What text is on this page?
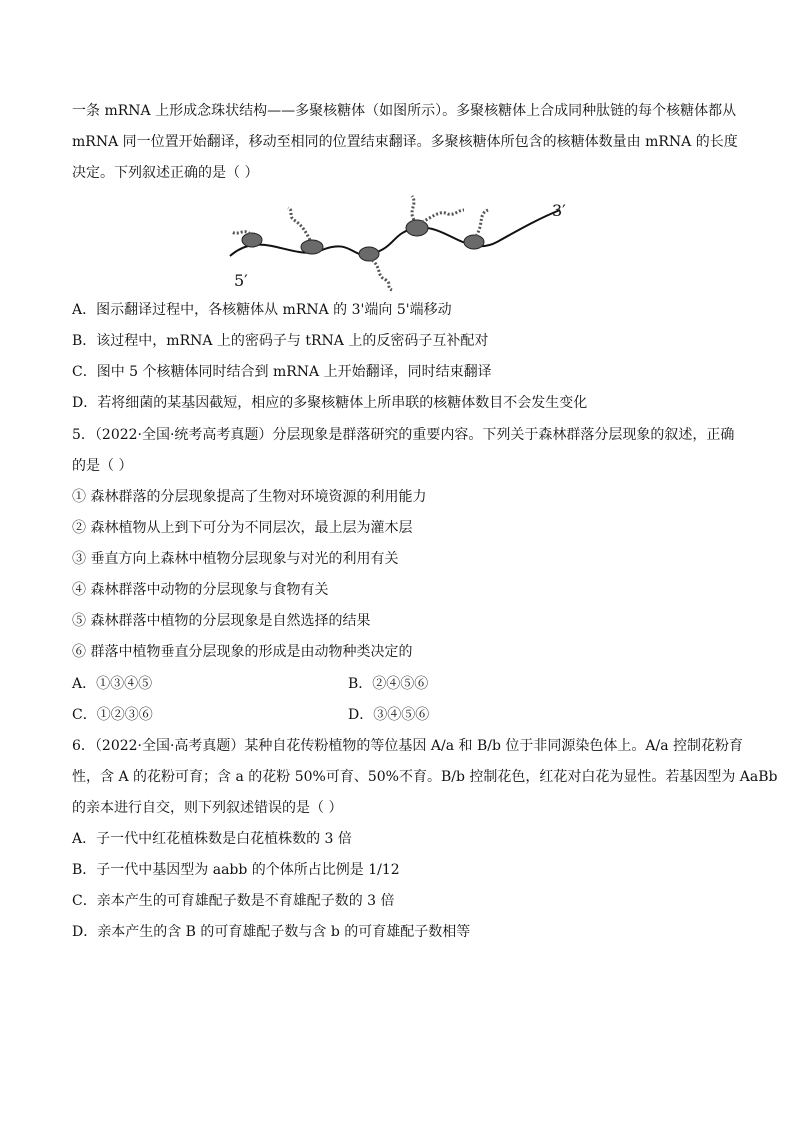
一条 mRNA 上形成念珠状结构——多聚核糖体（如图所示）。多聚核糖体上合成同种肽链的每个核糖体都从
mRNA 同一位置开始翻译，移动至相同的位置结束翻译。多聚核糖体所包含的核糖体数量由 mRNA 的长度
决定。下列叙述正确的是（ ）
5′
3′
A．图示翻译过程中，各核糖体从 mRNA 的 3'端向 5'端移动
B．该过程中，mRNA 上的密码子与 tRNA 上的反密码子互补配对
C．图中 5 个核糖体同时结合到 mRNA 上开始翻译，同时结束翻译
D．若将细菌的某基因截短，相应的多聚核糖体上所串联的核糖体数目不会发生变化
5．（2022·全国·统考高考真题）分层现象是群落研究的重要内容。下列关于森林群落分层现象的叙述，正确
的是（ ）
① 森林群落的分层现象提高了生物对环境资源的利用能力
② 森林植物从上到下可分为不同层次，最上层为灌木层
③ 垂直方向上森林中植物分层现象与对光的利用有关
④ 森林群落中动物的分层现象与食物有关
⑤ 森林群落中植物的分层现象是自然选择的结果
⑥ 群落中植物垂直分层现象的形成是由动物种类决定的
A．①③④⑤	B．②④⑤⑥
C．①②③⑥	D．③④⑤⑥
6．（2022·全国·高考真题）某种自花传粉植物的等位基因 A/a 和 B/b 位于非同源染色体上。A/a 控制花粉育
性，含 A 的花粉可育；含 a 的花粉 50%可育、50%不育。B/b 控制花色，红花对白花为显性。若基因型为 AaBb
的亲本进行自交，则下列叙述错误的是（ ）
A．子一代中红花植株数是白花植株数的 3 倍
B．子一代中基因型为 aabb 的个体所占比例是 1/12
C．亲本产生的可育雄配子数是不育雄配子数的 3 倍
D．亲本产生的含 B 的可育雄配子数与含 b 的可育雄配子数相等
